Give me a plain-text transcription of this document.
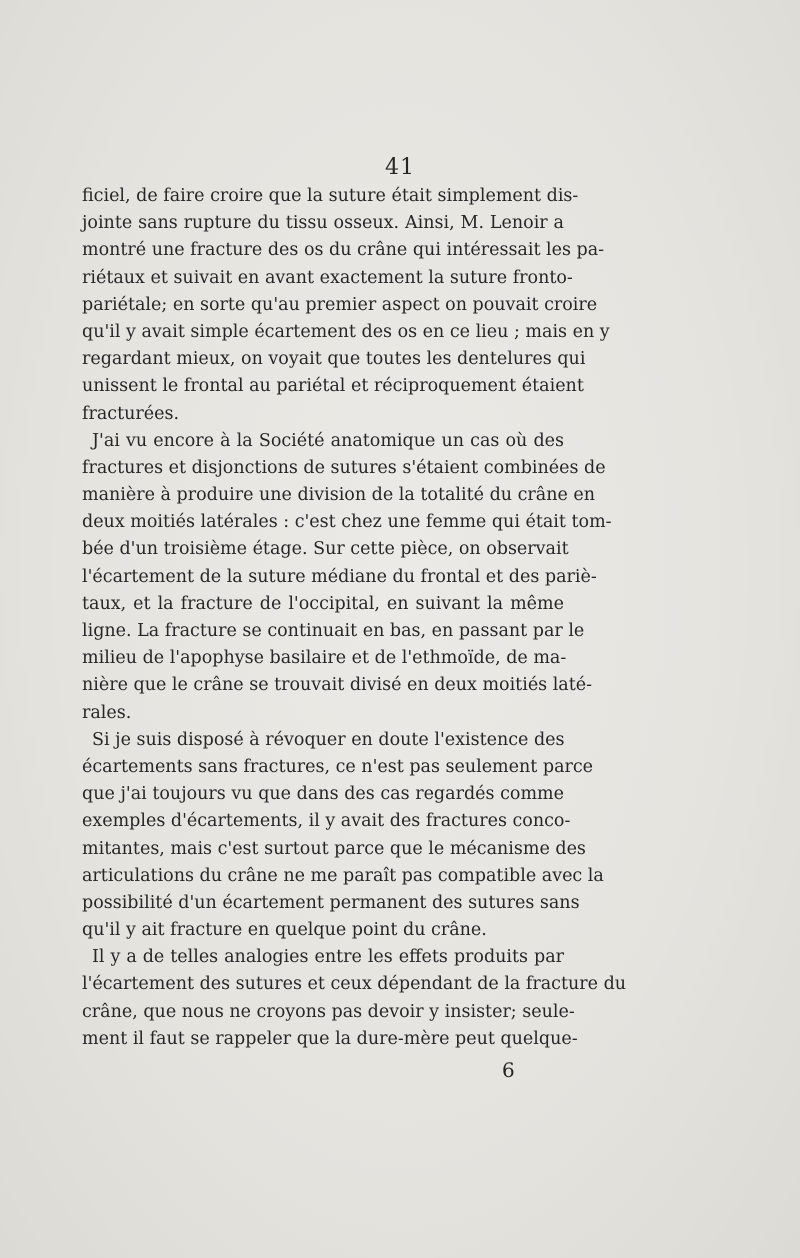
41
ficiel, de faire croire que la suture était simplement dis-
jointe sans rupture du tissu osseux. Ainsi, M. Lenoir a
montré une fracture des os du crâne qui intéressait les pa-
riétaux et suivait en avant exactement la suture fronto-
pariétale; en sorte qu'au premier aspect on pouvait croire
qu'il y avait simple écartement des os en ce lieu ; mais en y
regardant mieux, on voyait que toutes les dentelures qui
unissent le frontal au pariétal et réciproquement étaient
fracturées.
J'ai vu encore à la Société anatomique un cas où des
fractures et disjonctions de sutures s'étaient combinées de
manière à produire une division de la totalité du crâne en
deux moitiés latérales : c'est chez une femme qui était tom-
bée d'un troisième étage. Sur cette pièce, on observait
l'écartement de la suture médiane du frontal et des pariè-
taux, et la fracture de l'occipital, en suivant la même
ligne. La fracture se continuait en bas, en passant par le
milieu de l'apophyse basilaire et de l'ethmoïde, de ma-
nière que le crâne se trouvait divisé en deux moitiés laté-
rales.
Si je suis disposé à révoquer en doute l'existence des
écartements sans fractures, ce n'est pas seulement parce
que j'ai toujours vu que dans des cas regardés comme
exemples d'écartements, il y avait des fractures conco-
mitantes, mais c'est surtout parce que le mécanisme des
articulations du crâne ne me paraît pas compatible avec la
possibilité d'un écartement permanent des sutures sans
qu'il y ait fracture en quelque point du crâne.
Il y a de telles analogies entre les effets produits par
l'écartement des sutures et ceux dépendant de la fracture du
crâne, que nous ne croyons pas devoir y insister; seule-
ment il faut se rappeler que la dure-mère peut quelque-
6
